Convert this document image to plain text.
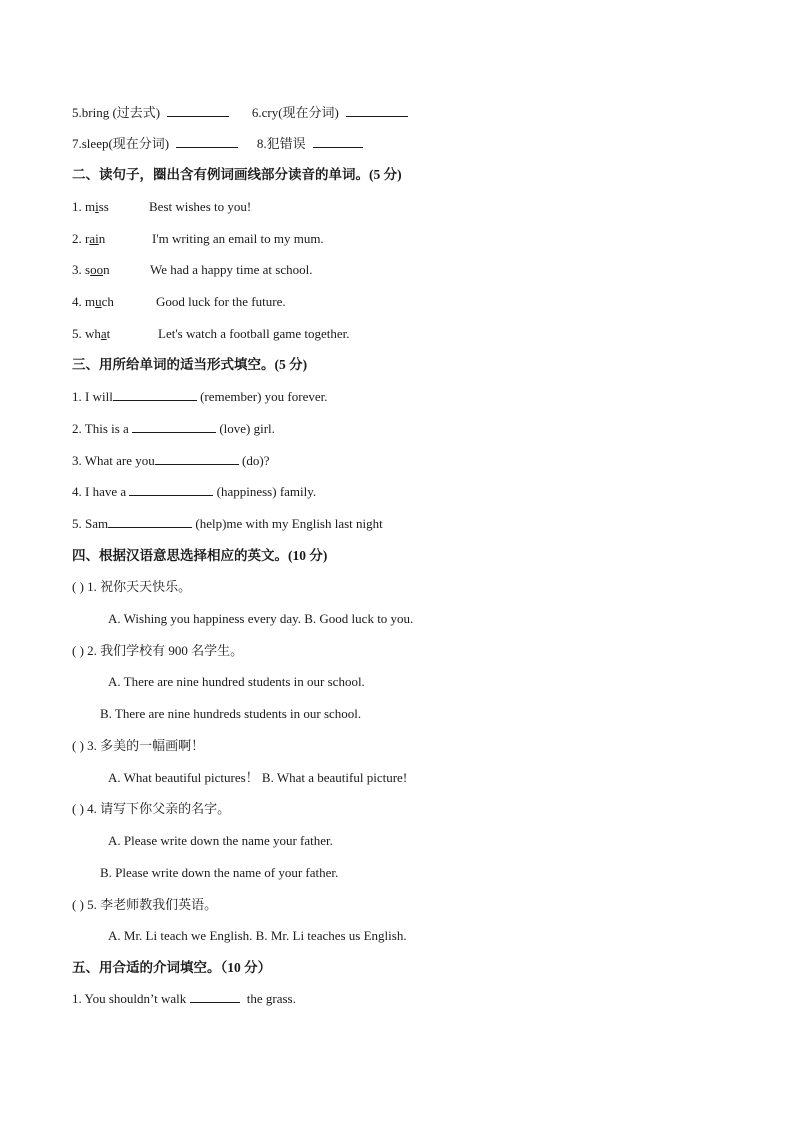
5.bring (过去式)	6.cry(现在分词)
7.sleep(现在分词)	8.犯错误
二、读句子，圈出含有例词画线部分读音的单词。(5 分)
1. miss	Best wishes to you!
2. rain	I'm writing an email to my mum.
3. soon	We had a happy time at school.
4. much	Good luck for the future.
5. what	Let's watch a football game together.
三、用所给单词的适当形式填空。(5 分)
1. I will	(remember) you forever.
2. This is a	(love) girl.
3. What are you	(do)?
4. I have a	(happiness) family.
5. Sam	(help)me with my English last night
四、根据汉语意思选择相应的英文。(10 分)
( ) 1. 祝你天天快乐。
A. Wishing you happiness every day. B. Good luck to you.
( ) 2. 我们学校有 900 名学生。
A. There are nine hundred students in our school.
B. There are nine hundreds students in our school.
( ) 3. 多美的一幅画啊！
A. What beautiful pictures！ B. What a beautiful picture!
( ) 4. 请写下你父亲的名字。
A. Please write down the name your father.
B. Please write down the name of your father.
( ) 5. 李老师教我们英语。
A. Mr. Li teach we English. B. Mr. Li teaches us English.
五、用合适的介词填空。（10 分）
1. You shouldn’t walk	the grass.
